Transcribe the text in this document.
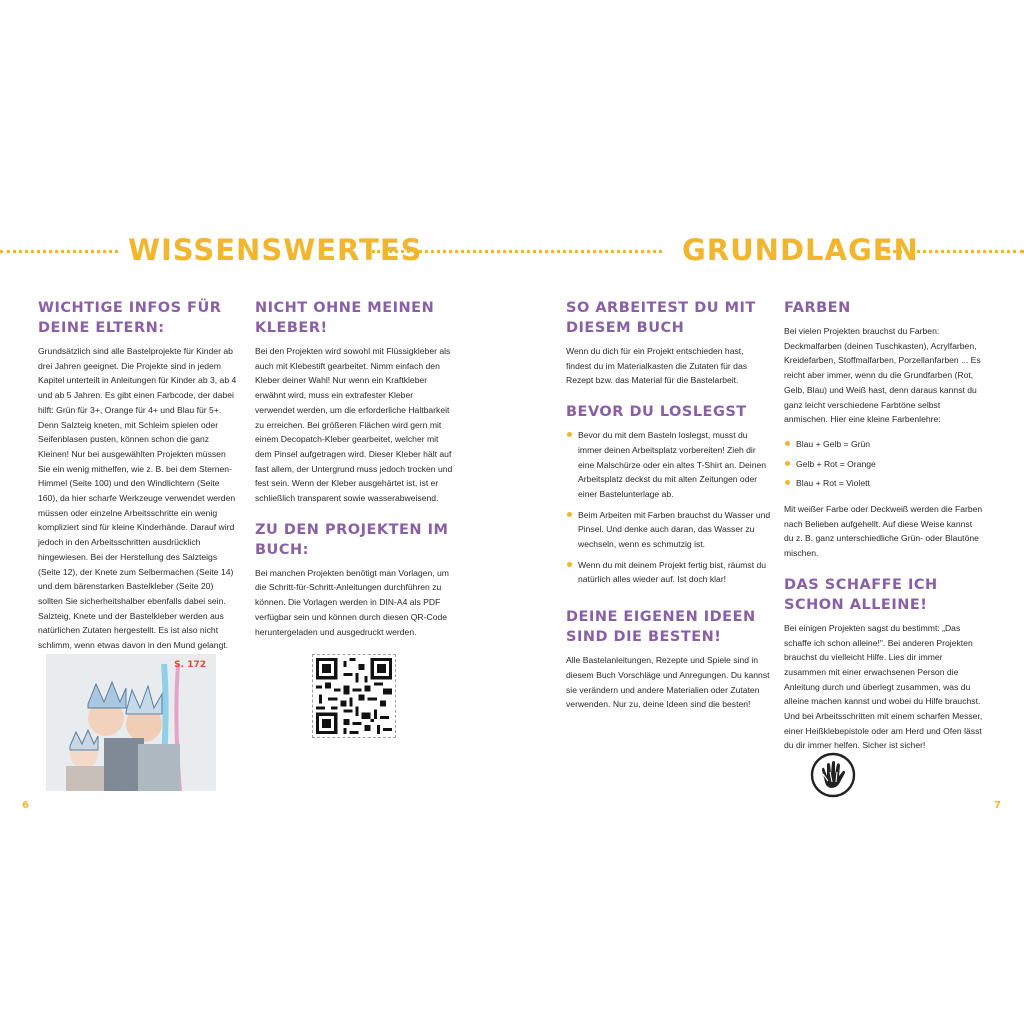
WISSENSWERTES	GRUNDLAGEN
WICHTIGE INFOS FÜR DEINE ELTERN:

Grundsätzlich sind alle Bastelprojekte für Kinder ab drei Jahren geeignet. Die Projekte sind in jedem Kapitel unterteilt in Anleitungen für Kinder ab 3, ab 4 und ab 5 Jahren. Es gibt einen Farbcode, der dabei hilft: Grün für 3+, Orange für 4+ und Blau für 5+. Denn Salzteig kneten, mit Schleim spielen oder Seifenblasen pusten, können schon die ganz Kleinen! Nur bei ausgewählten Projekten müssen Sie ein wenig mithelfen, wie z. B. bei dem Sternen-Himmel (Seite 100) und den Windlichtern (Seite 160), da hier scharfe Werkzeuge verwendet werden müssen oder einzelne Arbeitsschritte ein wenig kompliziert sind für kleine Kinderhände. Darauf wird jedoch in den Arbeitsschritten ausdrücklich hingewiesen. Bei der Herstellung des Salzteigs (Seite 12), der Knete zum Selbermachen (Seite 14) und dem bärenstarken Bastelkleber (Seite 20) sollten Sie sicherheitshalber ebenfalls dabei sein. Salzteig, Knete und der Bastelkleber werden aus natürlichen Zutaten hergestellt. Es ist also nicht schlimm, wenn etwas davon in den Mund gelangt.

S. 172
NICHT OHNE MEINEN KLEBER!

Bei den Projekten wird sowohl mit Flüssigkleber als auch mit Klebestift gearbeitet. Nimm einfach den Kleber deiner Wahl! Nur wenn ein Kraftkleber erwähnt wird, muss ein extrafester Kleber verwendet werden, um die erforderliche Haltbarkeit zu erreichen. Bei größeren Flächen wird gern mit einem Decopatch-Kleber gearbeitet, welcher mit dem Pinsel aufgetragen wird. Dieser Kleber hält auf fast allem, der Untergrund muss jedoch trocken und fest sein. Wenn der Kleber ausgehärtet ist, ist er schließlich transparent sowie wasserabweisend.

ZU DEN PROJEKTEN IM BUCH:

Bei manchen Projekten benötigt man Vorlagen, um die Schritt-für-Schritt-Anleitungen durchführen zu können. Die Vorlagen werden in DIN-A4 als PDF verfügbar sein und können durch diesen QR-Code heruntergeladen und ausgedruckt werden.

SO ARBEITEST DU MIT DIESEM BUCH

Wenn du dich für ein Projekt entschieden hast, findest du im Materialkasten die Zutaten für das Rezept bzw. das Material für die Bastelarbeit.

BEVOR DU LOSLEGST
Bevor du mit dem Basteln loslegst, musst du immer deinen Arbeitsplatz vorbereiten! Zieh dir eine Malschürze oder ein altes T-Shirt an. Deinen Arbeitsplatz deckst du mit alten Zeitungen oder einer Bastelunterlage ab.
Beim Arbeiten mit Farben brauchst du Wasser und Pinsel. Und denke auch daran, das Wasser zu wechseln, wenn es schmutzig ist.
Wenn du mit deinem Projekt fertig bist, räumst du natürlich alles wieder auf. Ist doch klar!
DEINE EIGENEN IDEEN SIND DIE BESTEN!

Alle Bastelanleitungen, Rezepte und Spiele sind in diesem Buch Vorschläge und Anregungen. Du kannst sie verändern und andere Materialien oder Zutaten verwenden. Nur zu, deine Ideen sind die besten!

FARBEN

Bei vielen Projekten brauchst du Farben: Deckmalfarben (deinen Tuschkasten), Acrylfarben, Kreidefarben, Stoffmalfarben, Porzellanfarben ... Es reicht aber immer, wenn du die Grundfarben (Rot, Gelb, Blau) und Weiß hast, denn daraus kannst du ganz leicht verschiedene Farbtöne selbst anmischen. Hier eine kleine Farbenlehre:

Blau + Gelb = Grün
Gelb + Rot = Orange
Blau + Rot = Violett

Mit weißer Farbe oder Deckweiß werden die Farben nach Belieben aufgehellt. Auf diese Weise kannst du z. B. ganz unterschiedliche Grün- oder Blautöne mischen.

DAS SCHAFFE ICH SCHON ALLEINE!

Bei einigen Projekten sagst du bestimmt: „Das schaffe ich schon alleine!". Bei anderen Projekten brauchst du vielleicht Hilfe. Lies dir immer zusammen mit einer erwachsenen Person die Anleitung durch und überlegt zusammen, was du alleine machen kannst und wobei du Hilfe brauchst. Und bei Arbeitsschritten mit einem scharfen Messer, einer Heißklebepistole oder am Herd und Ofen lässt du dir immer helfen. Sicher ist sicher!

6	7
